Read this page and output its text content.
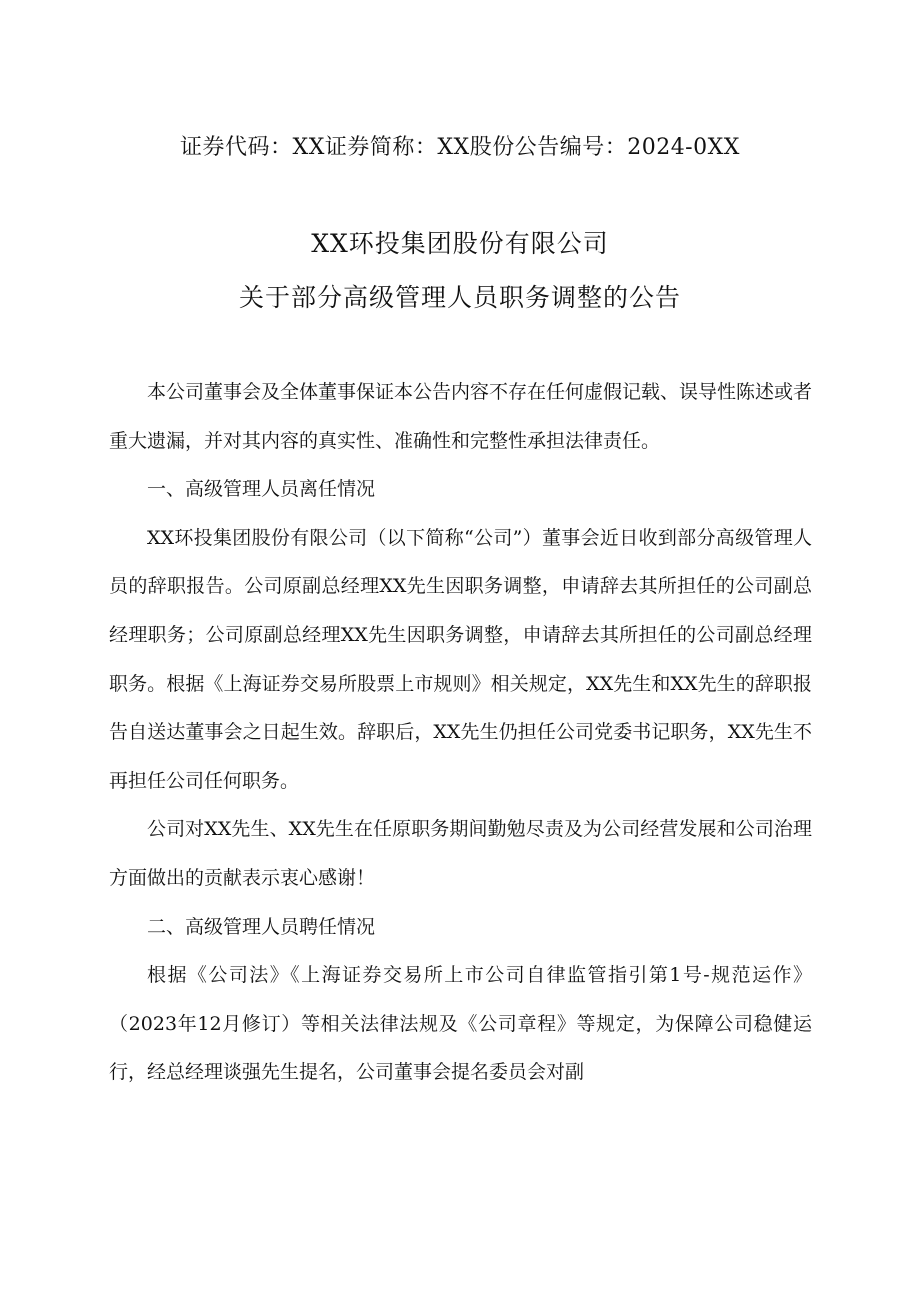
证券代码：XX证券简称：XX股份公告编号：2024-0XX
XX环投集团股份有限公司
关于部分高级管理人员职务调整的公告

本公司董事会及全体董事保证本公告内容不存在任何虚假记载、误导性陈述或者重大遗漏，并对其内容的真实性、准确性和完整性承担法律责任。

一、高级管理人员离任情况

XX环投集团股份有限公司（以下简称“公司”）董事会近日收到部分高级管理人员的辞职报告。公司原副总经理XX先生因职务调整，申请辞去其所担任的公司副总经理职务；公司原副总经理XX先生因职务调整，申请辞去其所担任的公司副总经理职务。根据《上海证券交易所股票上市规则》相关规定，XX先生和XX先生的辞职报告自送达董事会之日起生效。辞职后，XX先生仍担任公司党委书记职务，XX先生不再担任公司任何职务。

公司对XX先生、XX先生在任原职务期间勤勉尽责及为公司经营发展和公司治理方面做出的贡献表示衷心感谢！

二、高级管理人员聘任情况

根据《公司法》《上海证券交易所上市公司自律监管指引第1号-规范运作》（2023年12月修订）等相关法律法规及《公司章程》等规定，为保障公司稳健运行，经总经理谈强先生提名，公司董事会提名委员会对副
